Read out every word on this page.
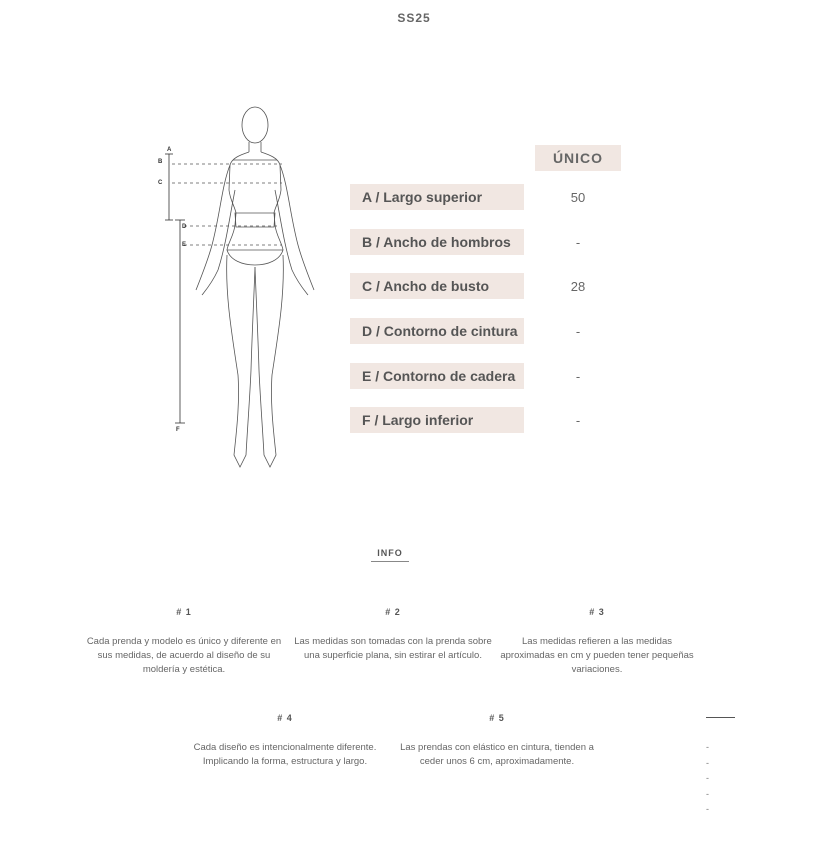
SS25
A
B
C
D
E
F
ÚNICO
A / Largo superior	50
B / Ancho de hombros	-
C / Ancho de busto	28
D / Contorno de cintura	-
E / Contorno de cadera	-
F / Largo inferior	-
INFO
# 1
Cada prenda y modelo es único y diferente en sus medidas, de acuerdo al diseño de su moldería y estética.
# 2
Las medidas son tomadas con la prenda sobre una superficie plana, sin estirar el artículo.
# 3
Las medidas refieren a las medidas aproximadas en cm y pueden tener pequeñas variaciones.
# 4
Cada diseño es intencionalmente diferente. Implicando la forma, estructura y largo.
# 5
Las prendas con elástico en cintura, tienden a ceder unos 6 cm, aproximadamente.
-
-
-
-
-
